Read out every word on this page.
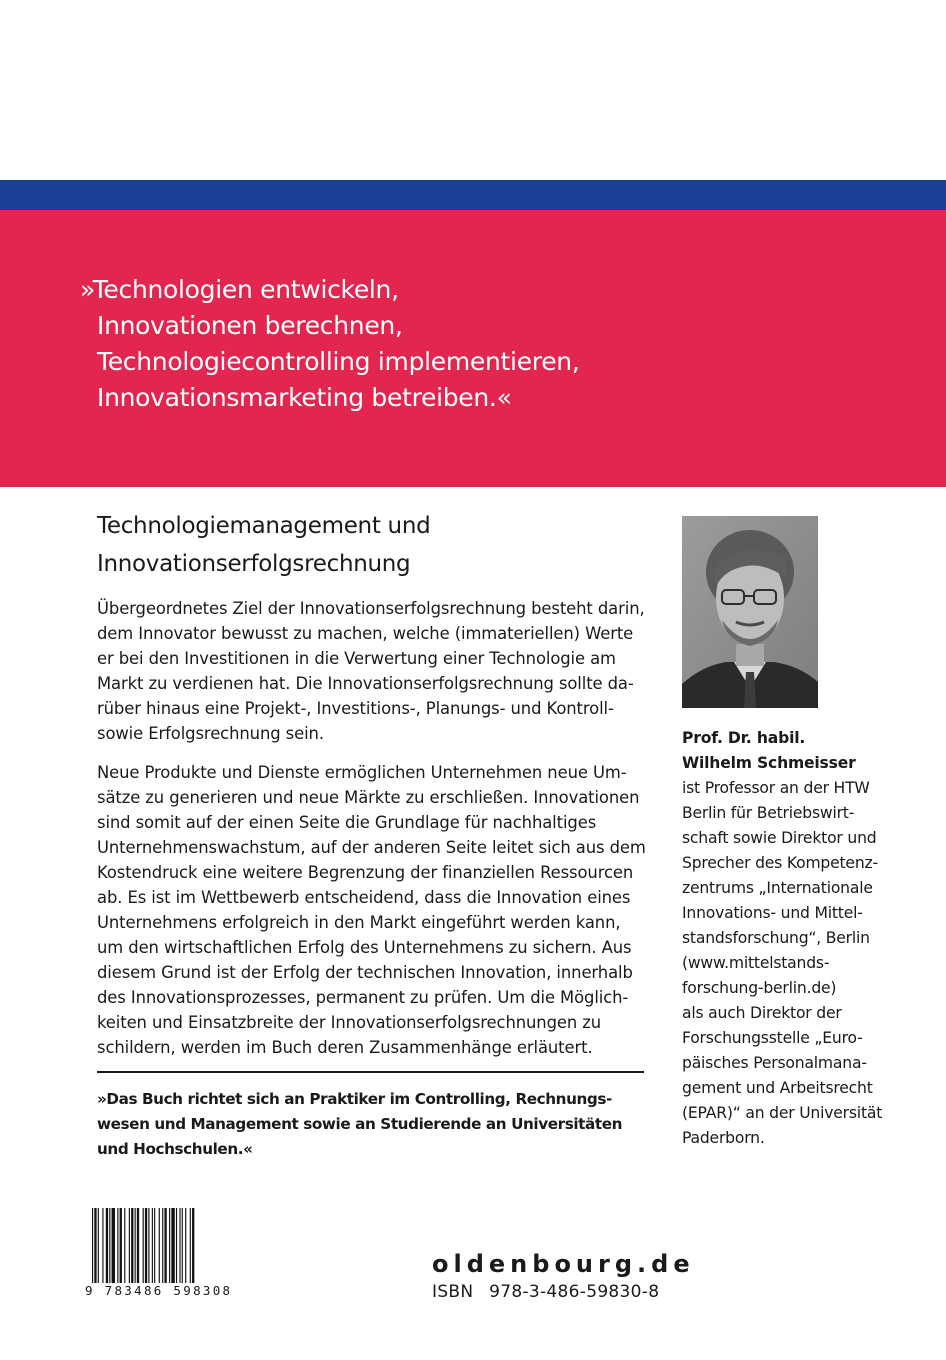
»Technologien entwickeln,
Innovationen berechnen,
Technologiecontrolling implementieren,
Innovationsmarketing betreiben.«
Technologiemanagement und
Innovationserfolgsrechnung
Übergeordnetes Ziel der Innovationserfolgsrechnung besteht darin,
dem Innovator bewusst zu machen, welche (immateriellen) Werte
er bei den Investitionen in die Verwertung einer Technologie am
Markt zu verdienen hat. Die Innovationserfolgsrechnung sollte da-
rüber hinaus eine Projekt-, Investitions-, Planungs- und Kontroll-
sowie Erfolgsrechnung sein.
Neue Produkte und Dienste ermöglichen Unternehmen neue Um-
sätze zu generieren und neue Märkte zu erschließen. Innovationen
sind somit auf der einen Seite die Grundlage für nachhaltiges
Unternehmenswachstum, auf der anderen Seite leitet sich aus dem
Kostendruck eine weitere Begrenzung der finanziellen Ressourcen
ab. Es ist im Wettbewerb entscheidend, dass die Innovation eines
Unternehmens erfolgreich in den Markt eingeführt werden kann,
um den wirtschaftlichen Erfolg des Unternehmens zu sichern. Aus
diesem Grund ist der Erfolg der technischen Innovation, innerhalb
des Innovationsprozesses, permanent zu prüfen. Um die Möglich-
keiten und Einsatzbreite der Innovationserfolgsrechnungen zu
schildern, werden im Buch deren Zusammenhänge erläutert.
»Das Buch richtet sich an Praktiker im Controlling, Rechnungs-
wesen und Management sowie an Studierende an Universitäten
und Hochschulen.«
Prof. Dr. habil.
Wilhelm Schmeisser
ist Professor an der HTW
Berlin für Betriebswirt-
schaft sowie Direktor und
Sprecher des Kompetenz-
zentrums „Internationale
Innovations- und Mittel-
standsforschung“, Berlin
(www.mittelstands-
forschung-berlin.de)
als auch Direktor der
Forschungsstelle „Euro-
päisches Personalmana-
gement und Arbeitsrecht
(EPAR)“ an der Universität
Paderborn.
9 783486 598308
oldenbourg.de
ISBN 978-3-486-59830-8
